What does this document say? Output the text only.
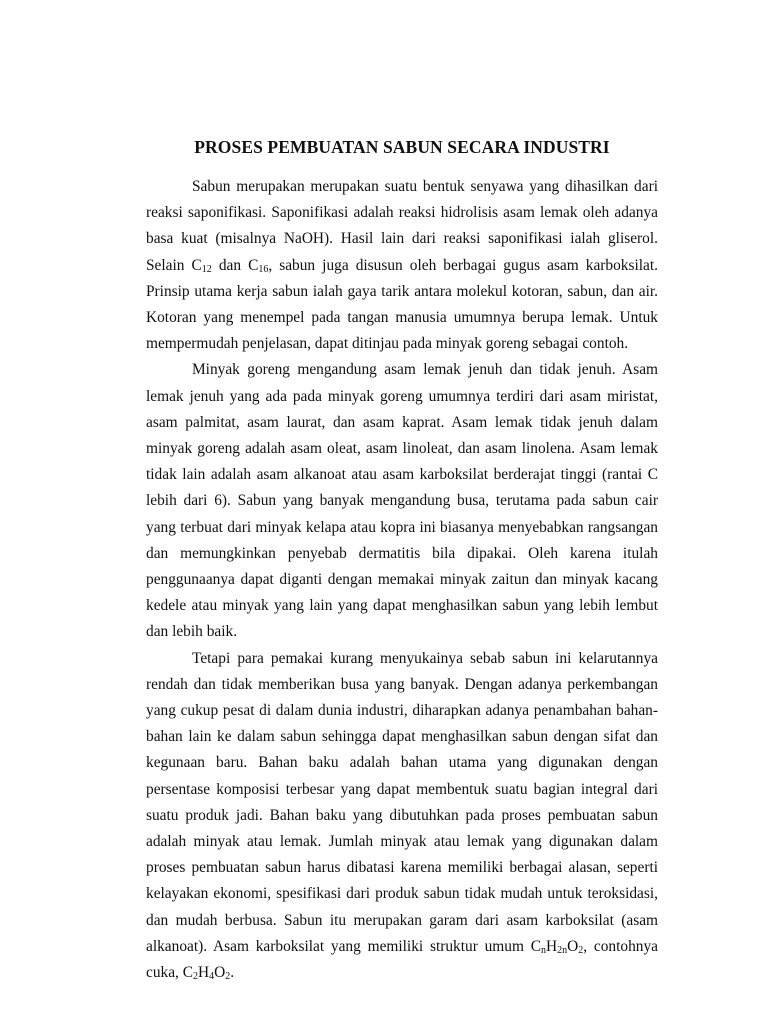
PROSES PEMBUATAN SABUN SECARA INDUSTRI

Sabun merupakan merupakan suatu bentuk senyawa yang dihasilkan dari reaksi saponifikasi. Saponifikasi adalah reaksi hidrolisis asam lemak oleh adanya basa kuat (misalnya NaOH). Hasil lain dari reaksi saponifikasi ialah gliserol. Selain $C_{12}$ dan $C_{16}$, sabun juga disusun oleh berbagai gugus asam karboksilat. Prinsip utama kerja sabun ialah gaya tarik antara molekul kotoran, sabun, dan air. Kotoran yang menempel pada tangan manusia umumnya berupa lemak. Untuk mempermudah penjelasan, dapat ditinjau pada minyak goreng sebagai contoh.

Minyak goreng mengandung asam lemak jenuh dan tidak jenuh. Asam lemak jenuh yang ada pada minyak goreng umumnya terdiri dari asam miristat, asam palmitat, asam laurat, dan asam kaprat. Asam lemak tidak jenuh dalam minyak goreng adalah asam oleat, asam linoleat, dan asam linolena. Asam lemak tidak lain adalah asam alkanoat atau asam karboksilat berderajat tinggi (rantai C lebih dari 6). Sabun yang banyak mengandung busa, terutama pada sabun cair yang terbuat dari minyak kelapa atau kopra ini biasanya menyebabkan rangsangan dan memungkinkan penyebab dermatitis bila dipakai. Oleh karena itulah penggunaanya dapat diganti dengan memakai minyak zaitun dan minyak kacang kedele atau minyak yang lain yang dapat menghasilkan sabun yang lebih lembut dan lebih baik.

Tetapi para pemakai kurang menyukainya sebab sabun ini kelarutannya rendah dan tidak memberikan busa yang banyak. Dengan adanya perkembangan yang cukup pesat di dalam dunia industri, diharapkan adanya penambahan bahan-bahan lain ke dalam sabun sehingga dapat menghasilkan sabun dengan sifat dan kegunaan baru. Bahan baku adalah bahan utama yang digunakan dengan persentase komposisi terbesar yang dapat membentuk suatu bagian integral dari suatu produk jadi. Bahan baku yang dibutuhkan pada proses pembuatan sabun adalah minyak atau lemak. Jumlah minyak atau lemak yang digunakan dalam proses pembuatan sabun harus dibatasi karena memiliki berbagai alasan, seperti kelayakan ekonomi, spesifikasi dari produk sabun tidak mudah untuk teroksidasi, dan mudah berbusa. Sabun itu merupakan garam dari asam karboksilat (asam alkanoat). Asam karboksilat yang memiliki struktur umum $C_nH_{2n}O_2$, contohnya cuka, $C_2H_4O_2$.
